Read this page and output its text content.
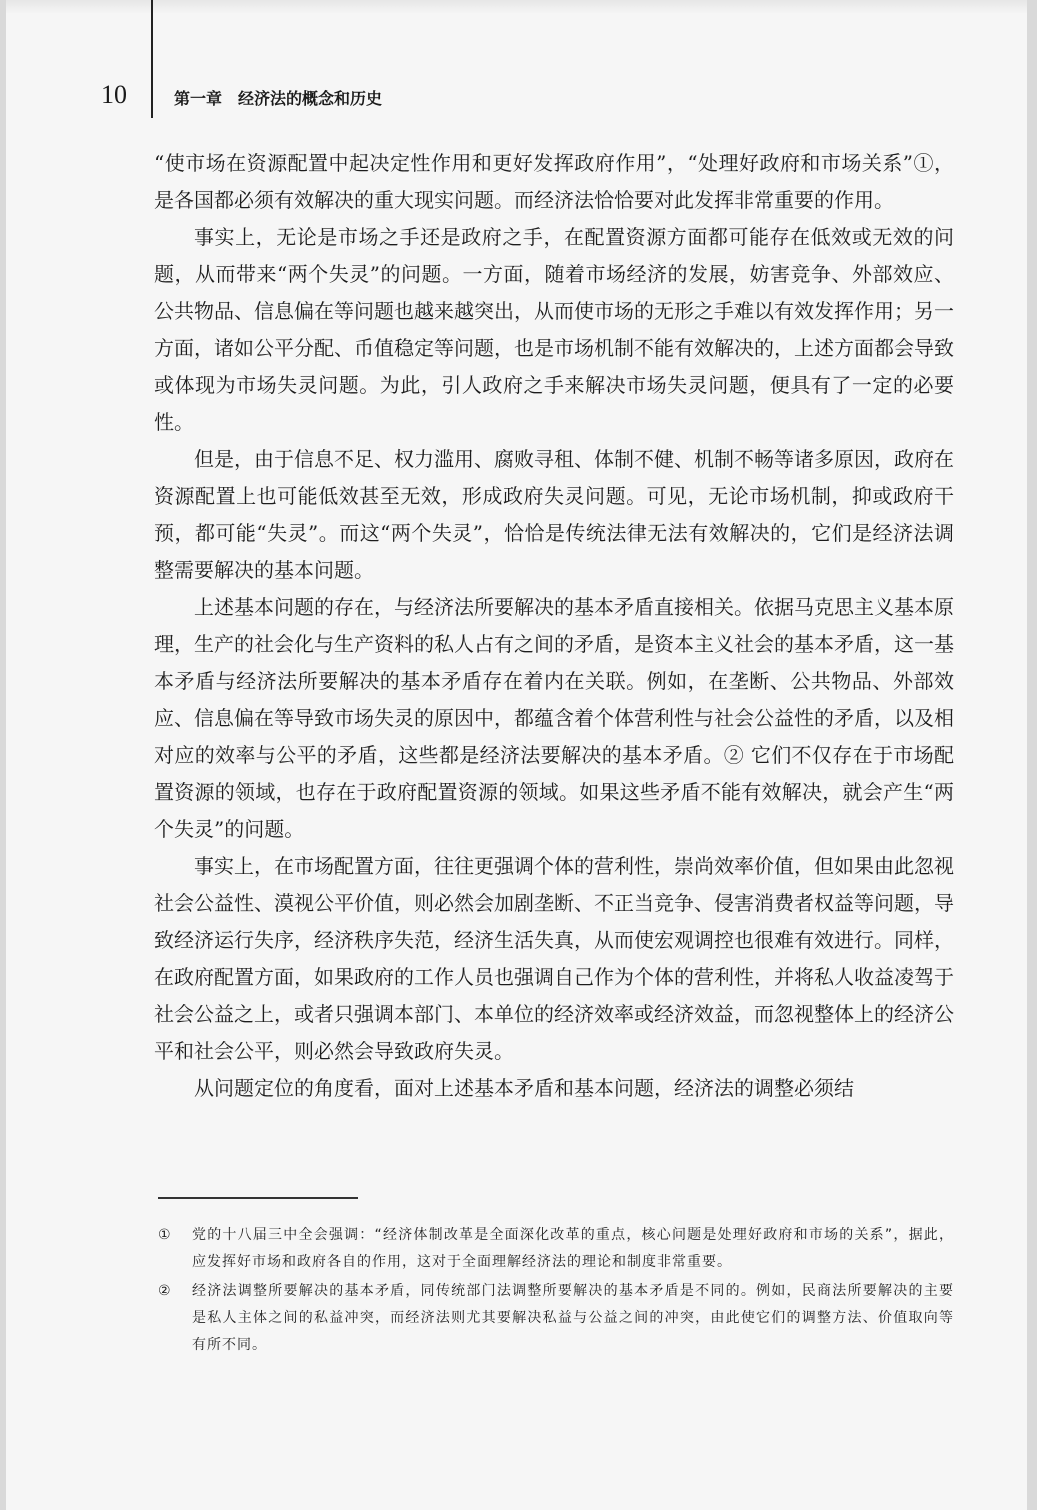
10	第一章　经济法的概念和历史

“使市场在资源配置中起决定性作用和更好发挥政府作用”，“处理好政府和市场关系”①，是各国都必须有效解决的重大现实问题。而经济法恰恰要对此发挥非常重要的作用。

事实上，无论是市场之手还是政府之手，在配置资源方面都可能存在低效或无效的问题，从而带来“两个失灵”的问题。一方面，随着市场经济的发展，妨害竞争、外部效应、公共物品、信息偏在等问题也越来越突出，从而使市场的无形之手难以有效发挥作用；另一方面，诸如公平分配、币值稳定等问题，也是市场机制不能有效解决的，上述方面都会导致或体现为市场失灵问题。为此，引人政府之手来解决市场失灵问题，便具有了一定的必要性。

但是，由于信息不足、权力滥用、腐败寻租、体制不健、机制不畅等诸多原因，政府在资源配置上也可能低效甚至无效，形成政府失灵问题。可见，无论市场机制，抑或政府干预，都可能“失灵”。而这“两个失灵”，恰恰是传统法律无法有效解决的，它们是经济法调整需要解决的基本问题。

上述基本问题的存在，与经济法所要解决的基本矛盾直接相关。依据马克思主义基本原理，生产的社会化与生产资料的私人占有之间的矛盾，是资本主义社会的基本矛盾，这一基本矛盾与经济法所要解决的基本矛盾存在着内在关联。例如，在垄断、公共物品、外部效应、信息偏在等导致市场失灵的原因中，都蕴含着个体营利性与社会公益性的矛盾，以及相对应的效率与公平的矛盾，这些都是经济法要解决的基本矛盾。② 它们不仅存在于市场配置资源的领域，也存在于政府配置资源的领域。如果这些矛盾不能有效解决，就会产生“两个失灵”的问题。

事实上，在市场配置方面，往往更强调个体的营利性，崇尚效率价值，但如果由此忽视社会公益性、漠视公平价值，则必然会加剧垄断、不正当竞争、侵害消费者权益等问题，导致经济运行失序，经济秩序失范，经济生活失真，从而使宏观调控也很难有效进行。同样，在政府配置方面，如果政府的工作人员也强调自己作为个体的营利性，并将私人收益凌驾于社会公益之上，或者只强调本部门、本单位的经济效率或经济效益，而忽视整体上的经济公平和社会公平，则必然会导致政府失灵。

从问题定位的角度看，面对上述基本矛盾和基本问题，经济法的调整必须结

①	党的十八届三中全会强调：“经济体制改革是全面深化改革的重点，核心问题是处理好政府和市场的关系”，据此，应发挥好市场和政府各自的作用，这对于全面理解经济法的理论和制度非常重要。
②	经济法调整所要解决的基本矛盾，同传统部门法调整所要解决的基本矛盾是不同的。例如，民商法所要解决的主要是私人主体之间的私益冲突，而经济法则尤其要解决私益与公益之间的冲突，由此使它们的调整方法、价值取向等有所不同。
